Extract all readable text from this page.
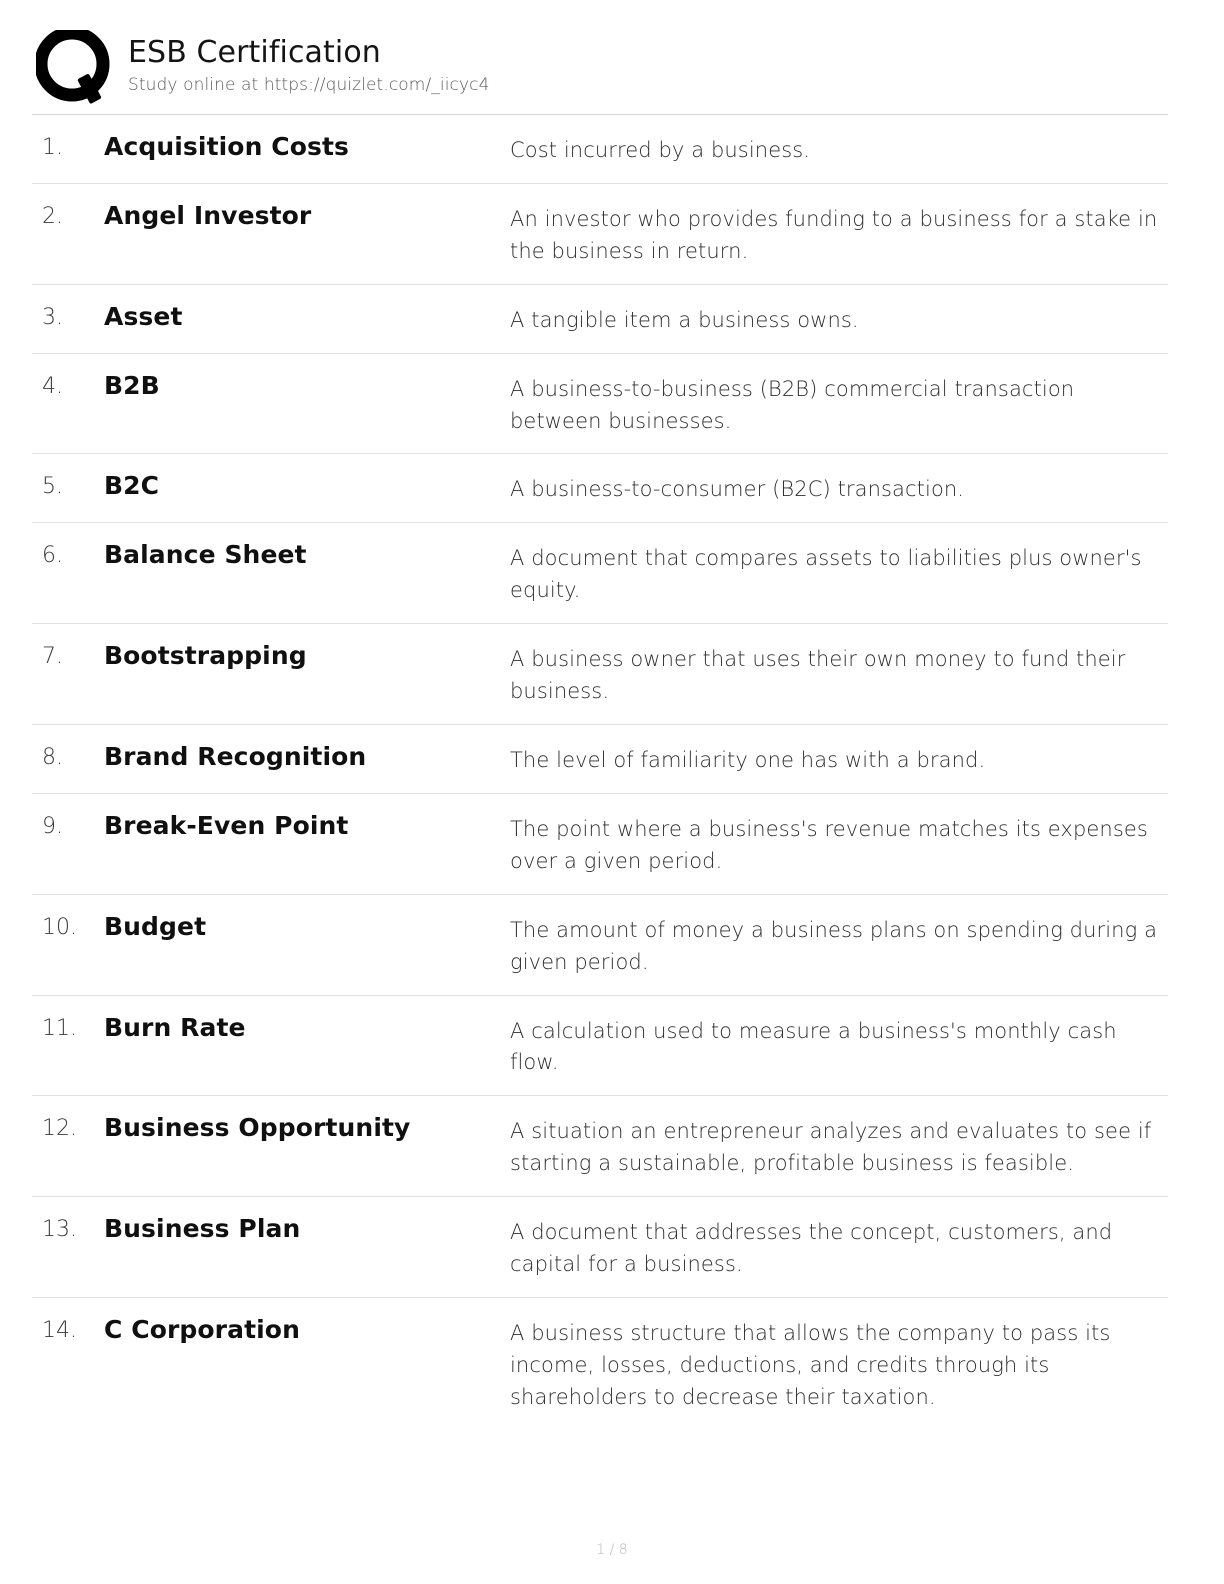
ESB Certification
Study online at https://quizlet.com/_iicyc4
1.	Acquisition Costs	Cost incurred by a business.
2.	Angel Investor	An investor who provides funding to a business for a stake in the business in return.
3.	Asset	A tangible item a business owns.
4.	B2B	A business-to-business (B2B) commercial transaction between businesses.
5.	B2C	A business-to-consumer (B2C) transaction.
6.	Balance Sheet	A document that compares assets to liabilities plus owner's equity.
7.	Bootstrapping	A business owner that uses their own money to fund their business.
8.	Brand Recognition	The level of familiarity one has with a brand.
9.	Break-Even Point	The point where a business's revenue matches its expenses over a given period.
10.	Budget	The amount of money a business plans on spending during a given period.
11.	Burn Rate	A calculation used to measure a business's monthly cash flow.
12.	Business Opportunity	A situation an entrepreneur analyzes and evaluates to see if starting a sustainable, profitable business is feasible.
13.	Business Plan	A document that addresses the concept, customers, and capital for a business.
14.	C Corporation	A business structure that allows the company to pass its income, losses, deductions, and credits through its shareholders to decrease their taxation.
1 / 8
